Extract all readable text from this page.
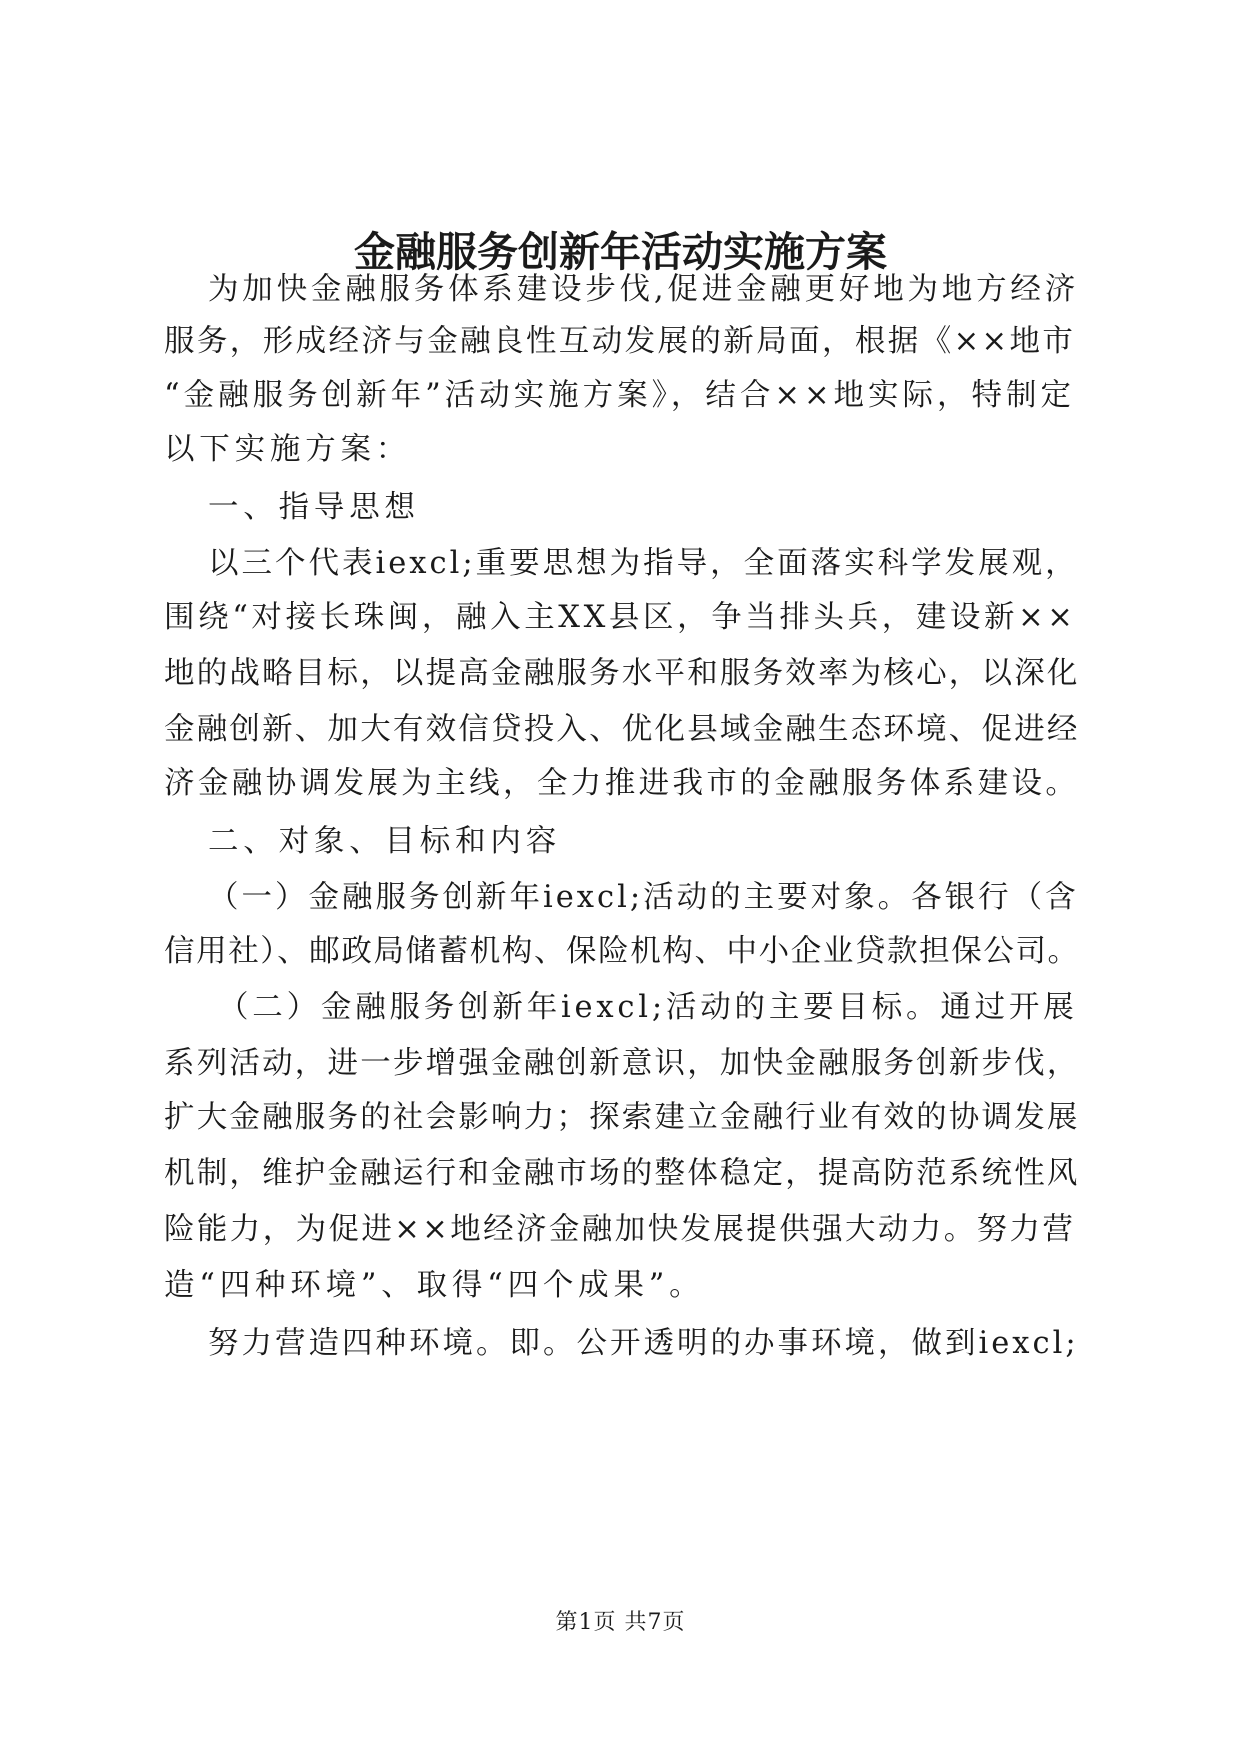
金融服务创新年活动实施方案
为加快金融服务体系建设步伐,促进金融更好地为地方经济
服务，形成经济与金融良性互动发展的新局面，根据《××地市
“金融服务创新年”活动实施方案》，结合××地实际，特制定
以下实施方案：
一、指导思想
以三个代表iexcl;重要思想为指导，全面落实科学发展观，
围绕“对接长珠闽，融入主XX县区，争当排头兵，建设新××
地的战略目标，以提高金融服务水平和服务效率为核心，以深化
金融创新、加大有效信贷投入、优化县域金融生态环境、促进经
济金融协调发展为主线，全力推进我市的金融服务体系建设。
二、对象、目标和内容
（一）金融服务创新年iexcl;活动的主要对象。各银行（含
信用社）、邮政局储蓄机构、保险机构、中小企业贷款担保公司。
（二）金融服务创新年iexcl;活动的主要目标。通过开展
系列活动，进一步增强金融创新意识，加快金融服务创新步伐，
扩大金融服务的社会影响力；探索建立金融行业有效的协调发展
机制，维护金融运行和金融市场的整体稳定，提高防范系统性风
险能力，为促进××地经济金融加快发展提供强大动力。努力营
造“四种环境”、取得“四个成果”。
努力营造四种环境。即。公开透明的办事环境，做到iexcl;
第1页 共7页
